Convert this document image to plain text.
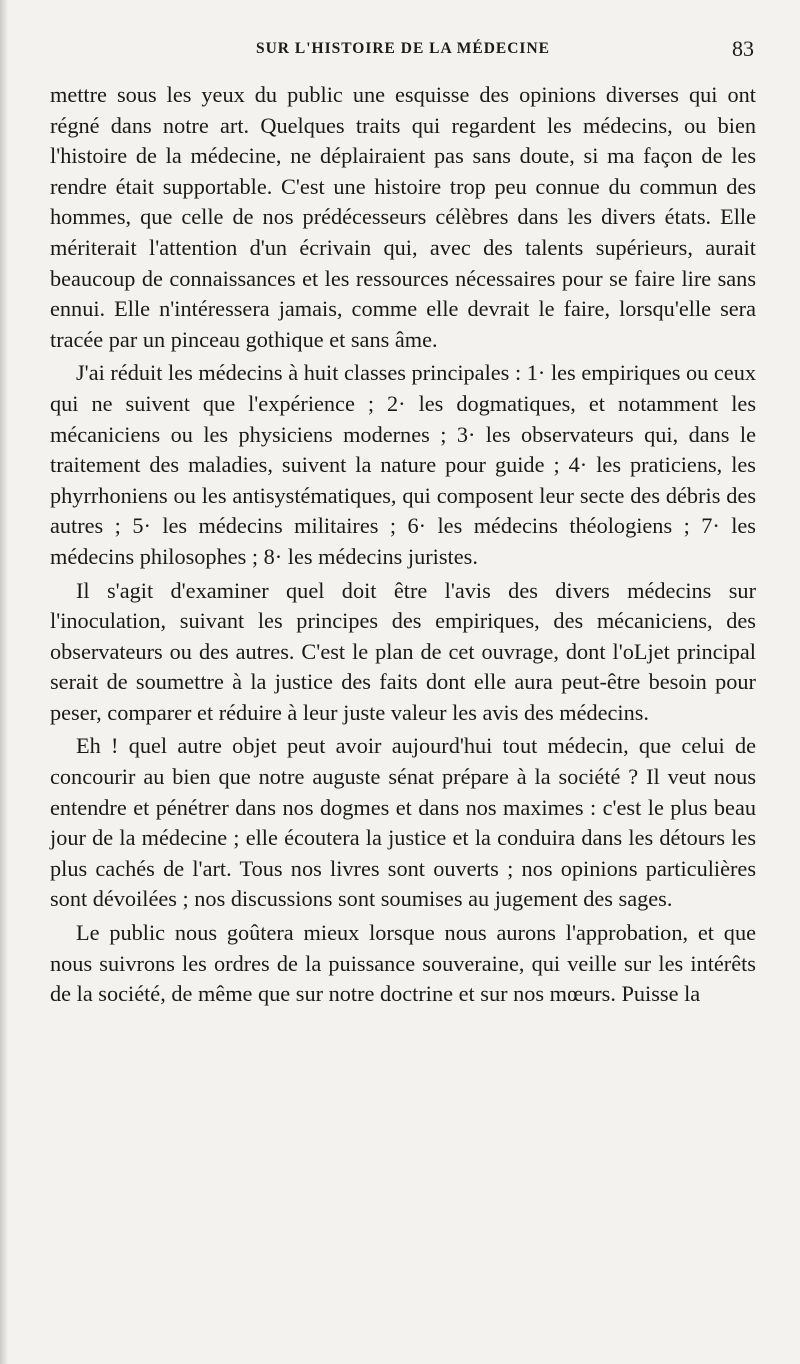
SUR L'HISTOIRE DE LA MÉDECINE	83

mettre sous les yeux du public une esquisse des opinions diverses qui ont régné dans notre art. Quelques traits qui regardent les médecins, ou bien l'histoire de la médecine, ne déplairaient pas sans doute, si ma façon de les rendre était supportable. C'est une histoire trop peu connue du commun des hommes, que celle de nos prédécesseurs célèbres dans les divers états. Elle mériterait l'attention d'un écrivain qui, avec des talents supérieurs, aurait beaucoup de connaissances et les ressources nécessaires pour se faire lire sans ennui. Elle n'intéressera jamais, comme elle devrait le faire, lorsqu'elle sera tracée par un pinceau gothique et sans âme.

J'ai réduit les médecins à huit classes principales : 1· les empiriques ou ceux qui ne suivent que l'expérience ; 2· les dogmatiques, et notamment les mécaniciens ou les physiciens modernes ; 3· les observateurs qui, dans le traitement des maladies, suivent la nature pour guide ; 4· les praticiens, les phyrrhoniens ou les antisystématiques, qui composent leur secte des débris des autres ; 5· les médecins militaires ; 6· les médecins théologiens ; 7· les médecins philosophes ; 8· les médecins juristes.

Il s'agit d'examiner quel doit être l'avis des divers médecins sur l'inoculation, suivant les principes des empiriques, des mécaniciens, des observateurs ou des autres. C'est le plan de cet ouvrage, dont l'oLjet principal serait de soumettre à la justice des faits dont elle aura peut-être besoin pour peser, comparer et réduire à leur juste valeur les avis des médecins.

Eh ! quel autre objet peut avoir aujourd'hui tout médecin, que celui de concourir au bien que notre auguste sénat prépare à la société ? Il veut nous entendre et pénétrer dans nos dogmes et dans nos maximes : c'est le plus beau jour de la médecine ; elle écoutera la justice et la conduira dans les détours les plus cachés de l'art. Tous nos livres sont ouverts ; nos opinions particulières sont dévoilées ; nos discussions sont soumises au jugement des sages.

Le public nous goûtera mieux lorsque nous aurons l'approbation, et que nous suivrons les ordres de la puissance souveraine, qui veille sur les intérêts de la société, de même que sur notre doctrine et sur nos mœurs. Puisse la
